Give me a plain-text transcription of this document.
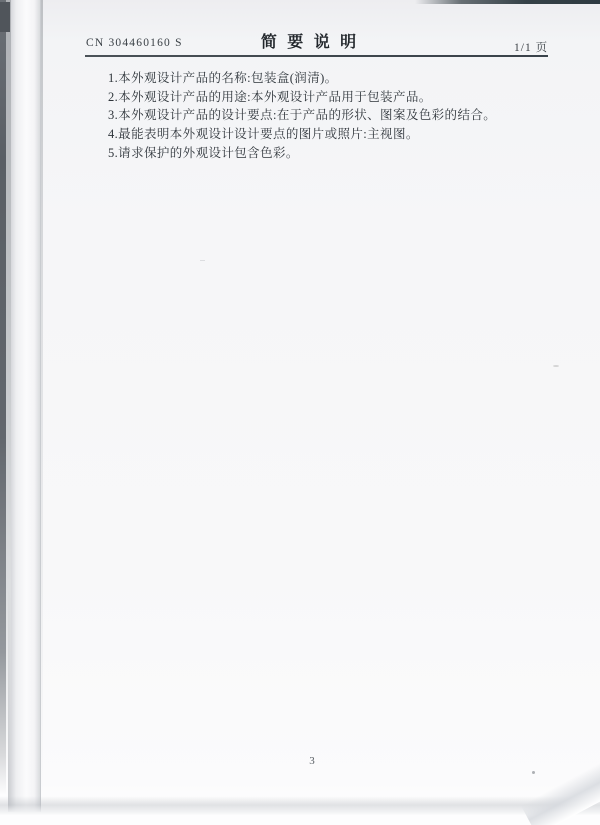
CN 304460160 S	简 要 说 明	1/1 页
1.本外观设计产品的名称:包装盒(润清)。
2.本外观设计产品的用途:本外观设计产品用于包装产品。
3.本外观设计产品的设计要点:在于产品的形状、图案及色彩的结合。
4.最能表明本外观设计设计要点的图片或照片:主视图。
5.请求保护的外观设计包含色彩。
3
